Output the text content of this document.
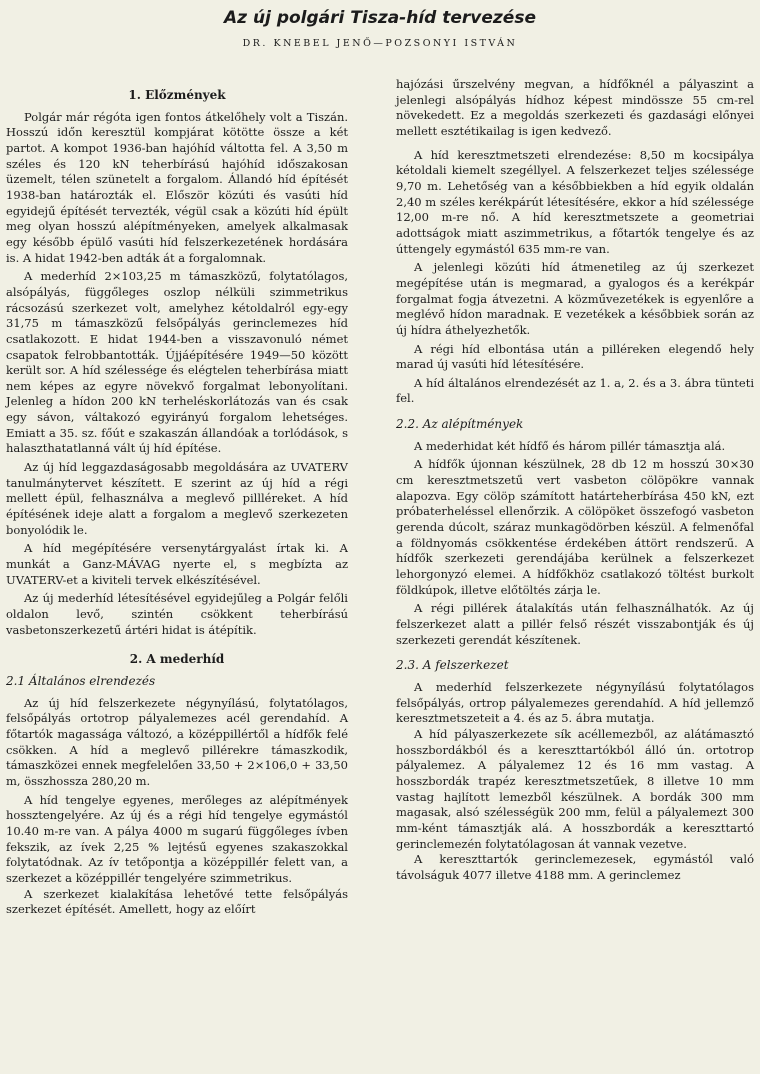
Az új polgári Tisza-híd tervezése
DR. KNEBEL JENŐ—POZSONYI ISTVÁN
1. Előzmények

Polgár már régóta igen fontos átkelőhely volt a Tiszán. Hosszú időn keresztül kompjárat kötötte össze a két partot. A kompot 1936-ban hajóhíd váltotta fel. A 3,50 m széles és 120 kN teherbírású hajóhíd időszakosan üzemelt, télen szünetelt a forgalom. Állandó híd építését 1938-ban határozták el. Először közúti és vasúti híd egyidejű építését tervezték, végül csak a közúti híd épült meg olyan hosszú alépítményeken, amelyek alkalmasak egy később épülő vasúti híd felszerkezetének hordására is. A hidat 1942-ben adták át a forgalomnak.

A mederhíd 2×103,25 m támaszközű, folytatólagos, alsópályás, függőleges oszlop nélküli szimmetrikus rácsozású szerkezet volt, amelyhez kétoldalról egy-egy 31,75 m támaszközű felsőpályás gerinclemezes híd csatlakozott. E hidat 1944-ben a visszavonuló német csapatok felrobbantották. Újjáépítésére 1949—50 között került sor. A híd szélessége és elégtelen teherbírása miatt nem képes az egyre növekvő forgalmat lebonyolítani. Jelenleg a hídon 200 kN terheléskorlátozás van és csak egy sávon, váltakozó egyirányú forgalom lehetséges. Emiatt a 35. sz. főút e szakaszán állandóak a torlódások, s halaszthatatlanná vált új híd építése.

Az új híd leggazdaságosabb megoldására az UVATERV tanulmánytervet készített. E szerint az új híd a régi mellett épül, felhasználva a meglevő pillléreket. A híd építésének ideje alatt a forgalom a meglevő szerkezeten bonyolódik le.

A híd megépítésére versenytárgyalást írtak ki. A munkát a Ganz-MÁVAG nyerte el, s megbízta az UVATERV-et a kiviteli tervek elkészítésével.

Az új mederhíd létesítésével egyidejűleg a Polgár felőli oldalon levő, szintén csökkent teherbírású vasbetonszerkezetű ártéri hidat is átépítik.

2. A mederhíd
2.1 Általános elrendezés

Az új híd felszerkezete négynyílású, folytatólagos, felsőpályás ortotrop pályalemezes acél gerendahíd. A főtartók magassága változó, a középpillértől a hídfők felé csökken. A híd a meglevő pillérekre támaszkodik, támaszközei ennek megfelelően 33,50 + 2×106,0 + 33,50 m, összhossza 280,20 m.

A híd tengelye egyenes, merőleges az alépítmények hossztengelyére. Az új és a régi híd tengelye egymástól 10.40 m-re van. A pálya 4000 m sugarú függőleges ívben fekszik, az ívek 2,25 % lejtésű egyenes szakaszokkal folytatódnak. Az ív tetőpontja a középpillér felett van, a szerkezet a középpillér tengelyére szimmetrikus.

A szerkezet kialakítása lehetővé tette felsőpályás szerkezet építését. Amellett, hogy az előírt

hajózási űrszelvény megvan, a hídfőknél a pályaszint a jelenlegi alsópályás hídhoz képest mindössze 55 cm-rel növekedett. Ez a megoldás szerkezeti és gazdasági előnyei mellett esztétikailag is igen kedvező.

A híd keresztmetszeti elrendezése: 8,50 m kocsipálya kétoldali kiemelt szegéllyel. A felszerkezet teljes szélessége 9,70 m. Lehetőség van a későbbiekben a híd egyik oldalán 2,40 m széles kerékpárút létesítésére, ekkor a híd szélessége 12,00 m-re nő. A híd keresztmetszete a geometriai adottságok miatt aszimmetrikus, a főtartók tengelye és az úttengely egymástól 635 mm-re van.

A jelenlegi közúti híd átmenetileg az új szerkezet megépítése után is megmarad, a gyalogos és a kerékpár forgalmat fogja átvezetni. A közművezetékek is egyenlőre a meglévő hídon maradnak. E vezetékek a későbbiek során az új hídra áthelyezhetők.

A régi híd elbontása után a pilléreken elegendő hely marad új vasúti híd létesítésére.

A híd általános elrendezését az 1. a, 2. és a 3. ábra tünteti fel.

2.2. Az alépítmények

A mederhidat két hídfő és három pillér támasztja alá.

A hídfők újonnan készülnek, 28 db 12 m hosszú 30×30 cm keresztmetszetű vert vasbeton cölöpökre vannak alapozva. Egy cölöp számított határteherbírása 450 kN, ezt próbaterheléssel ellenőrzik. A cölöpöket összefogó vasbeton gerenda dúcolt, száraz munkagödörben készül. A felmenőfal a földnyomás csökkentése érdekében áttört rendszerű. A hídfők szerkezeti gerendájába kerülnek a felszerkezet lehorgonyzó elemei. A hídfőkhöz csatlakozó töltést burkolt földkúpok, illetve előtöltés zárja le.

A régi pillérek átalakítás után felhasználhatók. Az új felszerkezet alatt a pillér felső részét visszabontják és új szerkezeti gerendát készítenek.

2.3. A felszerkezet

A mederhíd felszerkezete négynyílású folytatólagos felsőpályás, ortrop pályalemezes gerendahíd. A híd jellemző keresztmetszeteit a 4. és az 5. ábra mutatja.

A híd pályaszerkezete sík acéllemezből, az alátámasztó hosszbordákból és a kereszttartókból álló ún. ortotrop pályalemez. A pályalemez 12 és 16 mm vastag. A hosszbordák trapéz keresztmetszetűek, 8 illetve 10 mm vastag hajlított lemezből készülnek. A bordák 300 mm magasak, alsó szélességük 200 mm, felül a pályalemezt 300 mm-ként támasztják alá. A hosszbordák a kereszttartó gerinclemezén folytatólagosan át vannak vezetve.

A kereszttartók gerinclemezesek, egymástól való távolságuk 4077 illetve 4188 mm. A gerinclemez
